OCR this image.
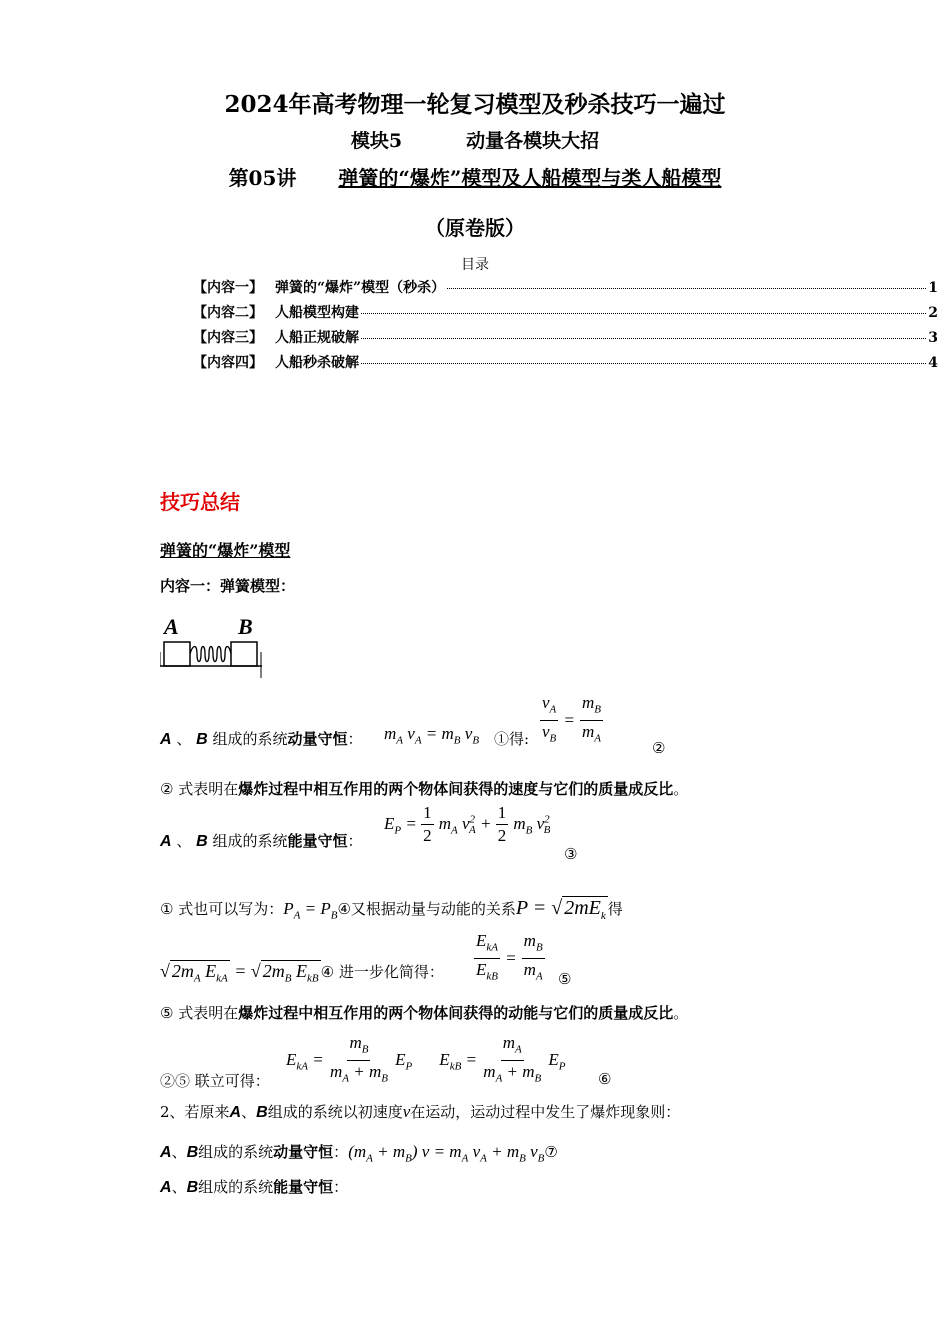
2024年高考物理一轮复习模型及秒杀技巧一遍过
模块5	动量各模块大招
第05讲 弹簧的“爆炸”模型及人船模型与类人船模型
（原卷版）
目录
【内容一】 弹簧的“爆炸”模型（秒杀）	1
【内容二】 人船模型构建	2
【内容三】 人船正规破解	3
【内容四】 人船秒杀破解	4
技巧总结
弹簧的“爆炸”模型
内容一：弹簧模型：
A	B
A 、 B 组成的系统动量守恒： $m_A$ $v_A = m_B$ $v_B$ ①得: $\frac{v_A}{v_B} = \frac{m_B}{m_A}$	②
② 式表明在爆炸过程中相互作用的两个物体间获得的速度与它们的质量成反比。
A 、 B 组成的系统能量守恒：
$E_P = \frac{1}{2} m_A$ $v^2_A + \frac{1}{2} m_B$ $v^2_B$
③
① 式也可以写为：$P_A$ = $P_B④$又根据动量与动能的关系P = √ $2mE_k$ 得
√ $2m_A$ $E_{kA}$ = √ $2m_B$ $E_{kB}$ ④ 进一步化简得： $\frac{E_{kA}}{E_{kB}} = \frac{m_B}{m_A}$ ⑤
⑤ 式表明在爆炸过程中相互作用的两个物体间获得的动能与它们的质量成反比。
②⑤ 联立可得：
$E_{kA} = \frac{m_B}{m_A + m_B} E_P$ $E_{kB} = \frac{m_A}{m_A + m_B} E_P$
⑥
2、若原来A、B组成的系统以初速度v在运动，运动过程中发生了爆炸现象则：
A、B组成的系统动量守恒：$(m_A + m_B) v = m_A$ $v_A + m_B$ $v_B⑦$
A、B组成的系统能量守恒：
